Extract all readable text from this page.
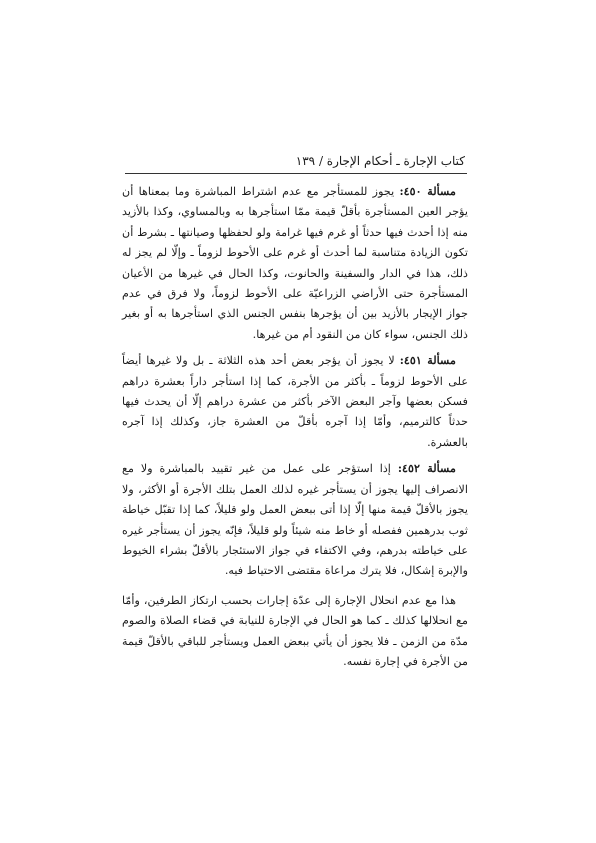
كتاب الإجارة ـ أحكام الإجارة / ١٣٩

مسألة ٤٥٠: يجوز للمستأجر مع عدم اشتراط المباشرة وما بمعناها أن يؤجر العين المستأجرة بأقلّ قيمة ممّا استأجرها به وبالمساوي، وكذا بالأزيد منه إذا أحدث فيها حدثاً أو غرم فيها غرامة ولو لحفظها وصيانتها ـ بشرط أن تكون الزيادة متناسبة لما أحدث أو غرم على الأحوط لزوماً ـ وإلّا لم يجز له ذلك، هذا في الدار والسفينة والحانوت، وكذا الحال في غيرها من الأعيان المستأجرة حتى الأراضي الزراعيّة على الأحوط لزوماً، ولا فرق في عدم جواز الإيجار بالأزيد بين أن يؤجرها بنفس الجنس الذي استأجرها به أو بغير ذلك الجنس، سواء كان من النقود أم من غيرها.

مسألة ٤٥١: لا يجوز أن يؤجر بعض أحد هذه الثلاثة ـ بل ولا غيرها أيضاً على الأحوط لزوماً ـ بأكثر من الأجرة، كما إذا استأجر داراً بعشرة دراهم فسكن بعضها وآجر البعض الآخر بأكثر من عشرة دراهم إلّا أن يحدث فيها حدثاً كالترميم، وأمّا إذا آجره بأقلّ من العشرة جاز، وكذلك إذا آجره بالعشرة.

مسألة ٤٥٢: إذا استؤجر على عمل من غير تقييد بالمباشرة ولا مع الانصراف إليها يجوز أن يستأجر غيره لذلك العمل بتلك الأجرة أو الأكثر، ولا يجوز بالأقلّ قيمة منها إلّا إذا أتى ببعض العمل ولو قليلاً، كما إذا تقبّل خياطة ثوب بدرهمين ففصله أو خاط منه شيئاً ولو قليلاً، فإنّه يجوز أن يستأجر غيره على خياطته بدرهم، وفي الاكتفاء في جواز الاستئجار بالأقلّ بشراء الخيوط والإبرة إشكال، فلا يترك مراعاة مقتضى الاحتياط فيه.

هذا مع عدم انحلال الإجارة إلى عدّة إجارات بحسب ارتكاز الطرفين، وأمّا مع انحلالها كذلك ـ كما هو الحال في الإجارة للنيابة في قضاء الصلاة والصوم مدّة من الزمن ـ فلا يجوز أن يأتي ببعض العمل ويستأجر للباقي بالأقلّ قيمة من الأجرة في إجارة نفسه.
